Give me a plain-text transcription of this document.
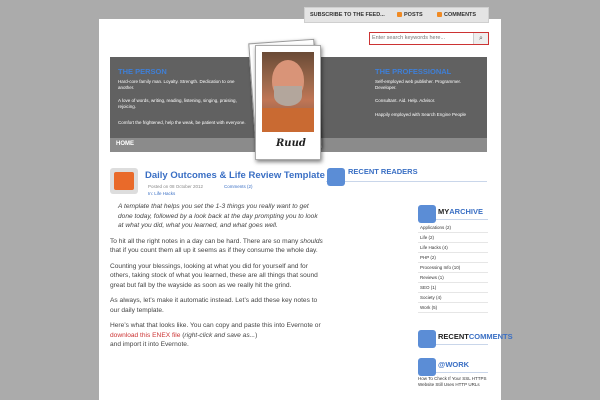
SUBSCRIBE TO THE FEED...	POSTS	COMMENTS
Enter search keywords here...
⌕
THE PERSON
Hard-core family man. Loyalty. Strength. Dedication to one another.
A love of words, writing, reading, listening, singing, praising, rejoicing.
Comfort the frightened, help the weak, be patient with everyone.
THE PROFESSIONAL
Self-employed web publisher. Programmer. Developer.
Consultant. Aid. Help. Advisor.
Happily employed with Search Engine People
HOME	Ruud
Daily Outcomes & Life Review Template
Posted on 08 October 2012	Comments (2)
In: Life Hacks

A template that helps you set the 1-3 things you really want to get done today, followed by a look back at the day prompting you to look at what you did, what you learned, and what goes well.

To hit all the right notes in a day can be hard. There are so many shoulds that if you count them all up it seems as if they consume the whole day.

Counting your blessings, looking at what you did for yourself and for others, taking stock of what you learned, these are all things that sound great but fall by the wayside as soon as we really hit the grind.

As always, let’s make it automatic instead. Let’s add these key notes to our daily template.

Here’s what that looks like. You can copy and paste this into Evernote or download this ENEX file (right-click and save as...)
and import it into Evernote.

RECENT READERS
MYARCHIVE
Applications (2)
Life (2)
Life Hacks (4)
PHP (2)
Processing Info (10)
Reviews (1)
SEO (1)
Society (4)
Work (5)
RECENTCOMMENTS
@WORK
How To Check If Your SSL HTTPS Website Still Uses HTTP URLs
